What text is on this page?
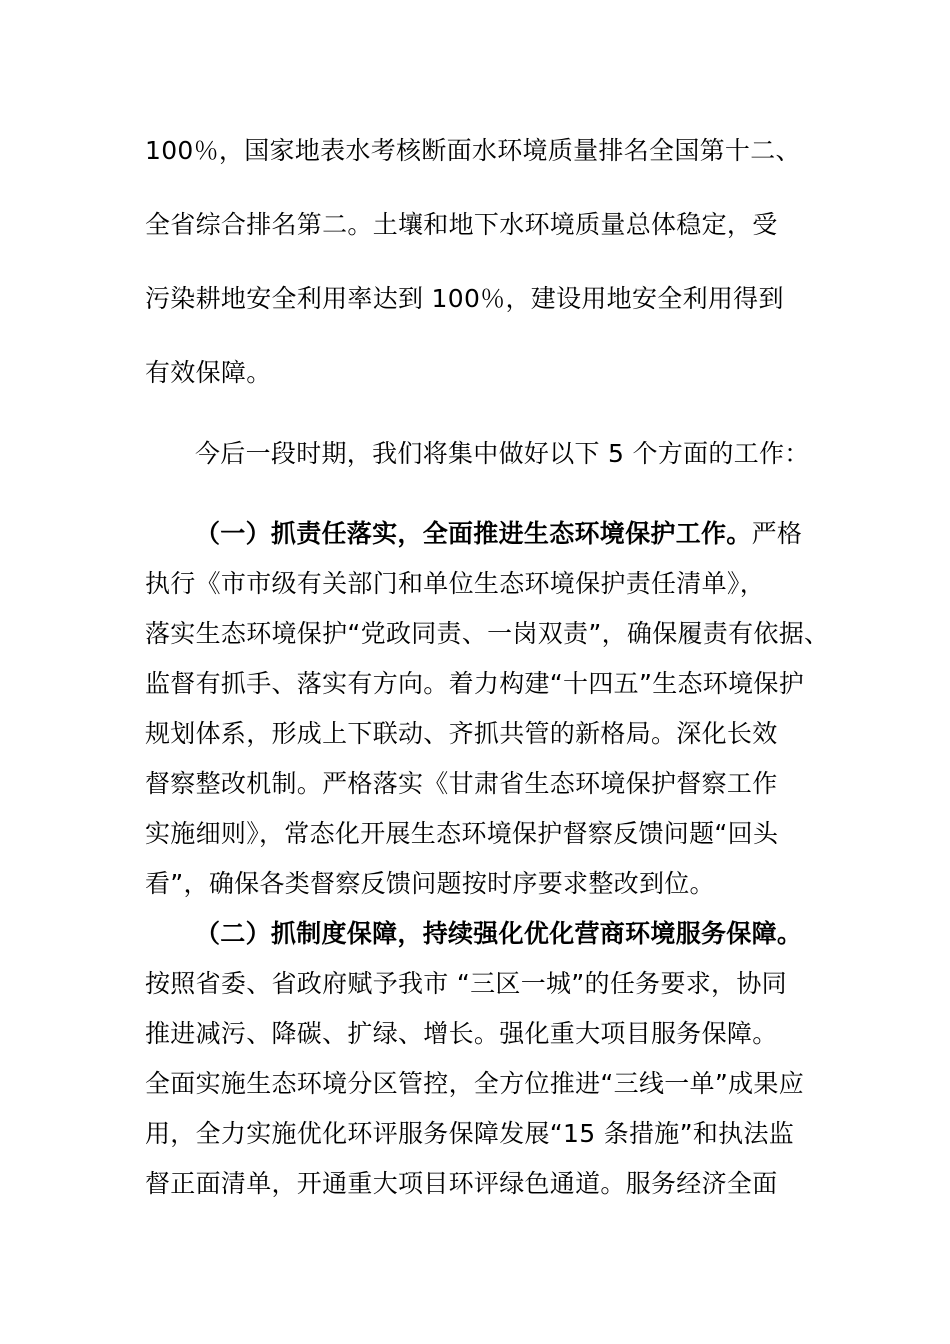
100％，国家地表水考核断面水环境质量排名全国第十二、
全省综合排名第二。土壤和地下水环境质量总体稳定，受
污染耕地安全利用率达到 100％，建设用地安全利用得到
有效保障。
今后一段时期，我们将集中做好以下 5 个方面的工作：
（一）抓责任落实，全面推进生态环境保护工作。严格
执行《市市级有关部门和单位生态环境保护责任清单》，
落实生态环境保护“党政同责、一岗双责”，确保履责有依据、
监督有抓手、落实有方向。着力构建“十四五”生态环境保护
规划体系，形成上下联动、齐抓共管的新格局。深化长效
督察整改机制。严格落实《甘肃省生态环境保护督察工作
实施细则》，常态化开展生态环境保护督察反馈问题“回头
看”，确保各类督察反馈问题按时序要求整改到位。
（二）抓制度保障，持续强化优化营商环境服务保障。
按照省委、省政府赋予我市 “三区一城”的任务要求，协同
推进减污、降碳、扩绿、增长。强化重大项目服务保障。
全面实施生态环境分区管控，全方位推进“三线一单”成果应
用，全力实施优化环评服务保障发展“15 条措施”和执法监
督正面清单，开通重大项目环评绿色通道。服务经济全面
